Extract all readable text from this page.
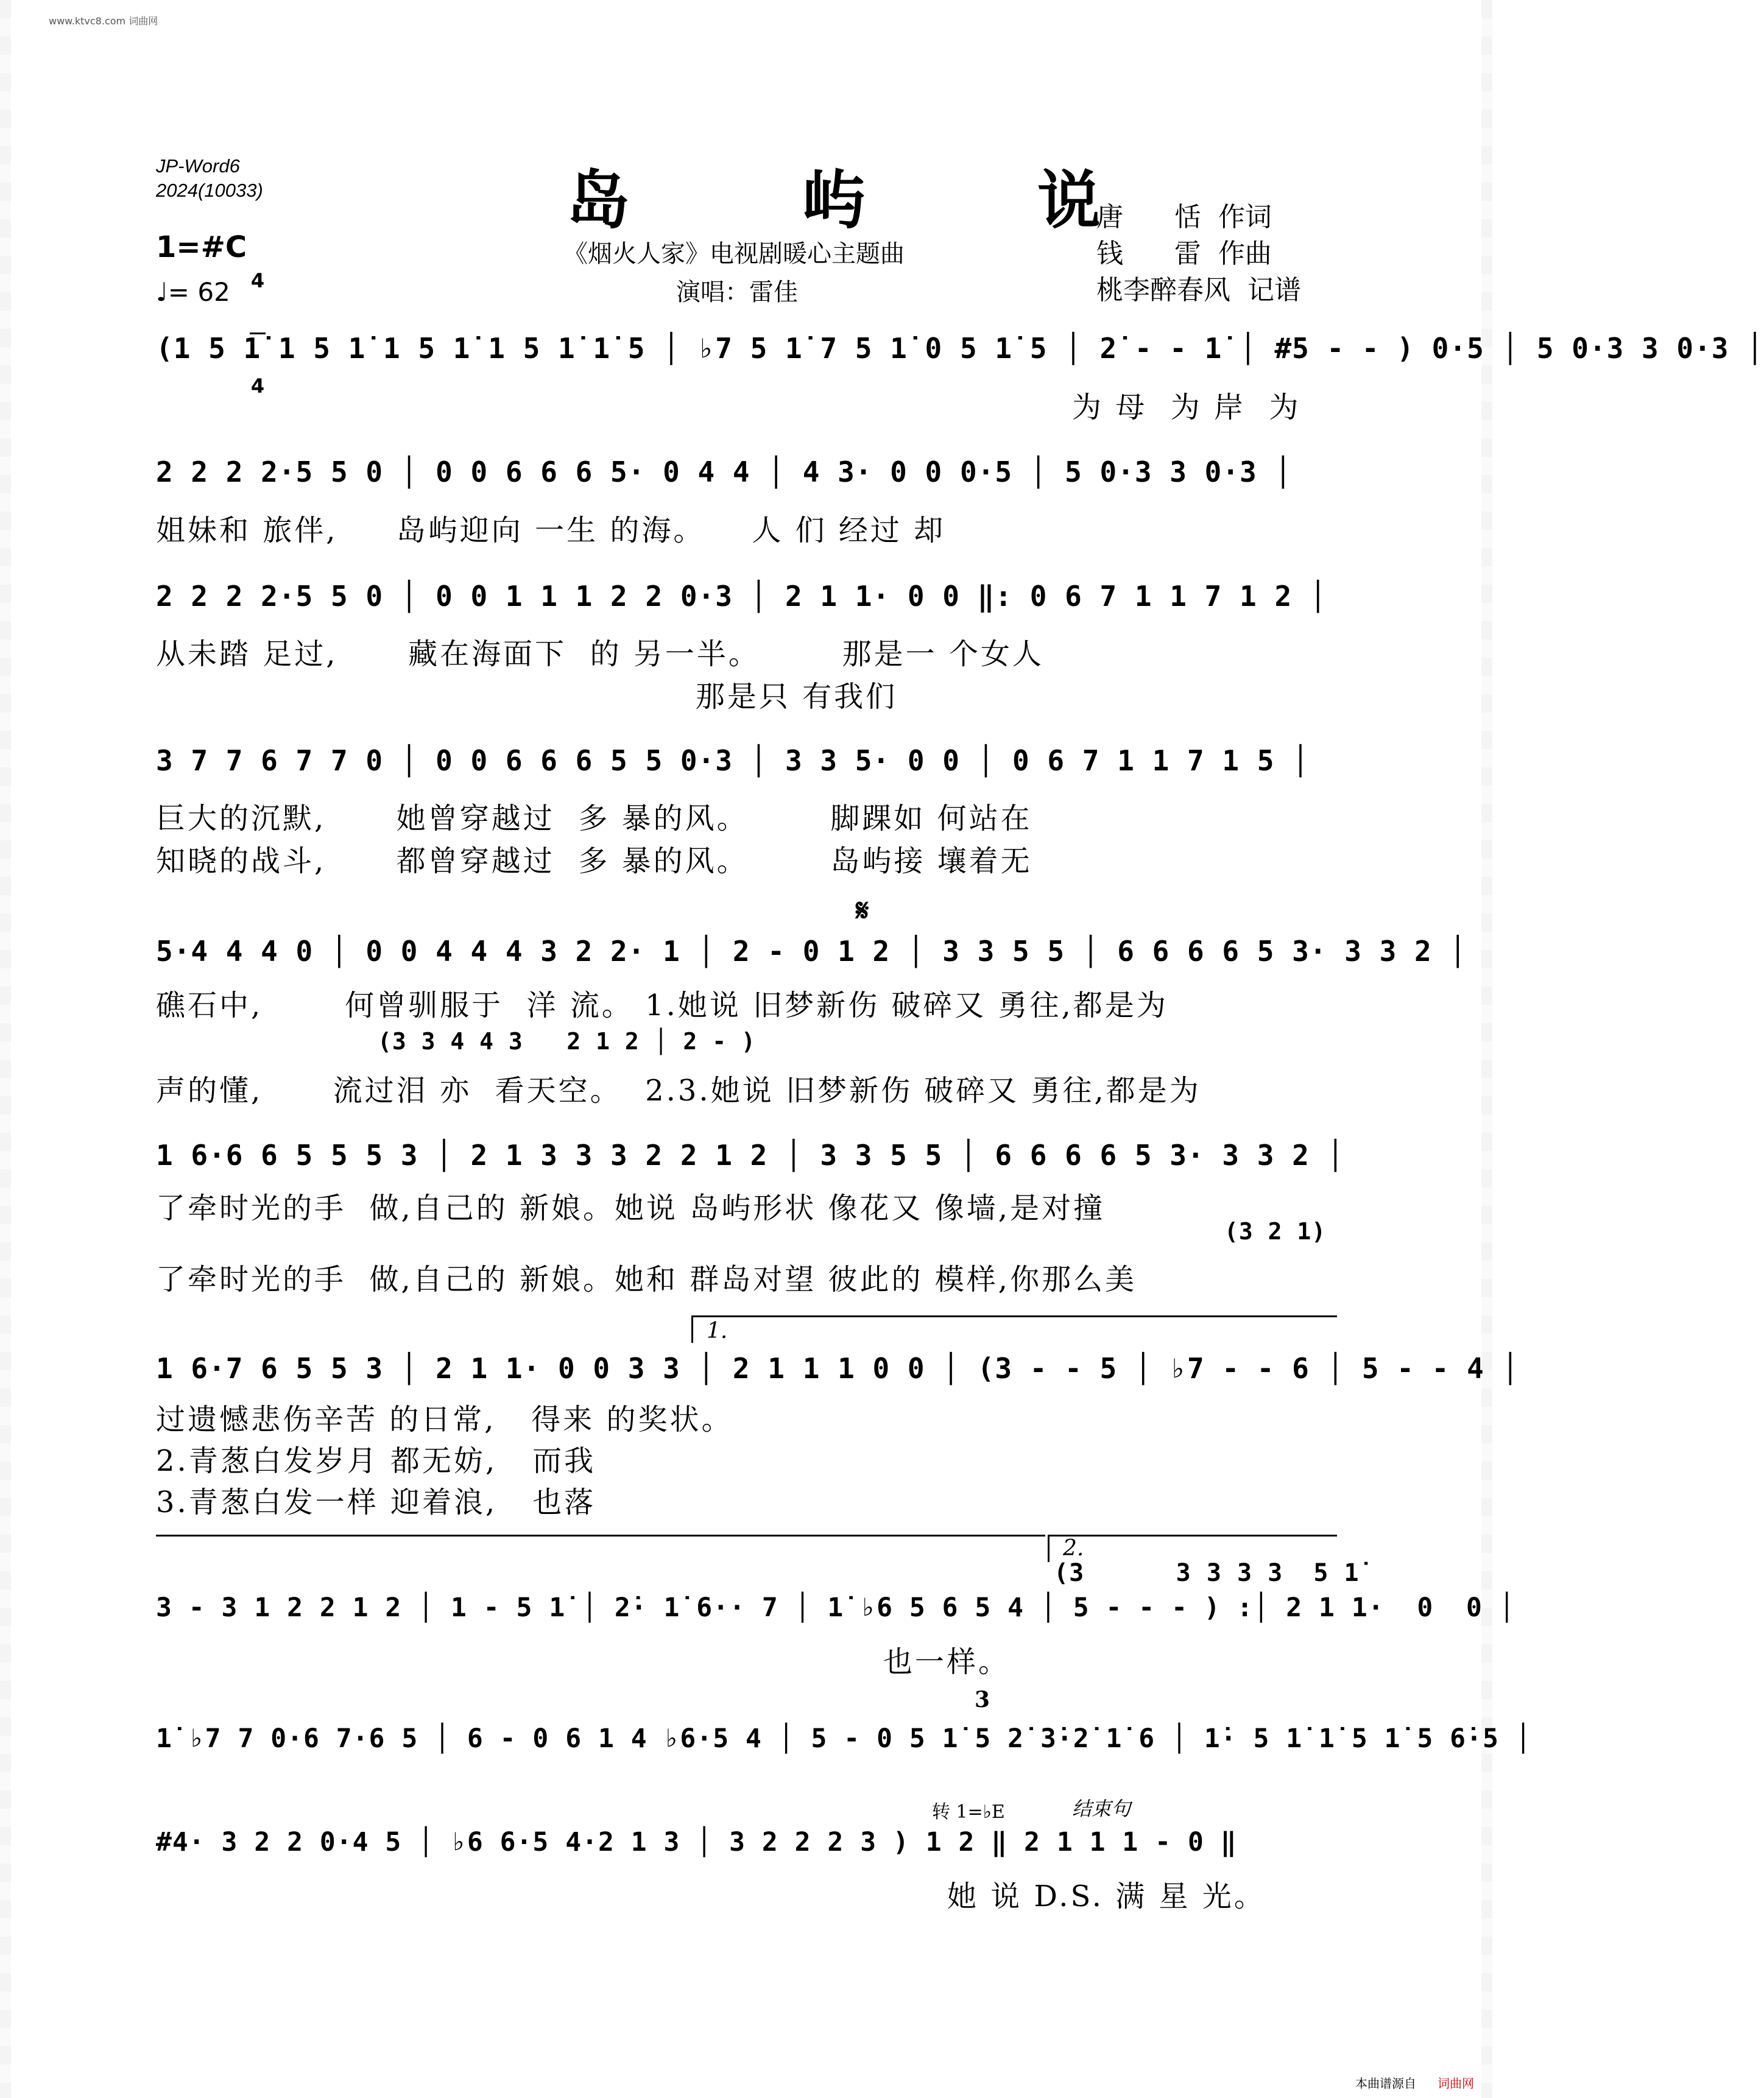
www.ktvc8.com 词曲网
JP-Word6
2024(10033)	岛  屿  说
《烟火人家》电视剧暖心主题曲
演唱：雷佳
唐      恬  作词
钱      雷  作曲
桃李醉春风  记谱
1=#C

4

4

♩= 62
(1 5 1̇ 1 5 1̇ 1 5 1̇ 1 5 1̇ 1̇ 5 │ ♭7 5 1̇ 7 5 1̇ 0 5 1̇ 5 │ 2̇ - - 1̇ │ #5 - - ) 0·5 │ 5 0·3 3 0·3 │
为 母  为 岸  为
2 2 2 2·5 5 0 │ 0 0 6 6 6 5· 0 4 4 │ 4 3· 0 0 0·5 │ 5 0·3 3 0·3 │
姐妹和 旅伴,     岛屿迎向 一生 的海。    人 们 经过 却
2 2 2 2·5 5 0 │ 0 0 1 1 1 2 2 0·3 │ 2 1 1· 0 0 ‖: 0 6 7 1 1 7 1 2 │
从未踏 足过,      藏在海面下  的 另一半。       那是一 个女人
那是只 有我们
3 7 7 6 7 7 0 │ 0 0 6 6 6 5 5 0·3 │ 3 3 5· 0 0 │ 0 6 7 1 1 7 1 5 │
巨大的沉默,      她曾穿越过  多 暴的风。       脚踝如 何站在
知晓的战斗,      都曾穿越过  多 暴的风。       岛屿接 壤着无
𝄋
5·4 4 4 0 │ 0 0 4 4 4 3 2 2· 1 │ 2 - 0 1 2 │ 3 3 5 5 │ 6 6 6 6 5 3· 3 3 2 │
礁石中,       何曾驯服于  洋 流。 1.她说 旧梦新伤 破碎又 勇往,都是为
(3 3 4 4 3   2 1 2 │ 2 - )
声的懂,      流过泪 亦  看天空。  2.3.她说 旧梦新伤 破碎又 勇往,都是为
1 6·6 6 5 5 5 3 │ 2 1 3 3 3 2 2 1 2 │ 3 3 5 5 │ 6 6 6 6 5 3· 3 3 2 │
了牵时光的手  做,自己的 新娘。她说 岛屿形状 像花又 像墙,是对撞
(3 2 1)
了牵时光的手  做,自己的 新娘。她和 群岛对望 彼此的 模样,你那么美
1.
1 6·7 6 5 5 3 │ 2 1 1· 0 0 3 3 │ 2 1 1 1 0 0 │ (3 - - 5 │ ♭7 - - 6 │ 5 - - 4 │
过遗憾悲伤辛苦 的日常,   得来 的奖状。
2.青葱白发岁月 都无妨,   而我
3.青葱白发一样 迎着浪,   也落
2.
(3      3 3 3 3  5 1̇
3 - 3 1 2 2 1 2 │ 1 - 5 1̇ │ 2̇· 1̇ 6·· 7 │ 1̇ ♭6 5 6 5 4 │ 5 - - - ) :│ 2 1 1·  0  0 │
也一样。
3
1̇ ♭7 7 0·6 7·6 5 │ 6 - 0 6 1 4 ♭6·5 4 │ 5 - 0 5 1̇ 5 2̇ 3̇·2̇ 1̇ 6 │ 1̇· 5 1̇ 1̇ 5 1̇ 5 6̇·5 │
转 1=♭E	结束句
#4· 3 2 2 0·4 5 │ ♭6 6·5 4·2 1 3 │ 3 2 2 2 3 ) 1 2 ‖ 2 1 1 1 - 0 ‖
她 说 D.S. 满 星 光。
本曲谱源自 词曲网
